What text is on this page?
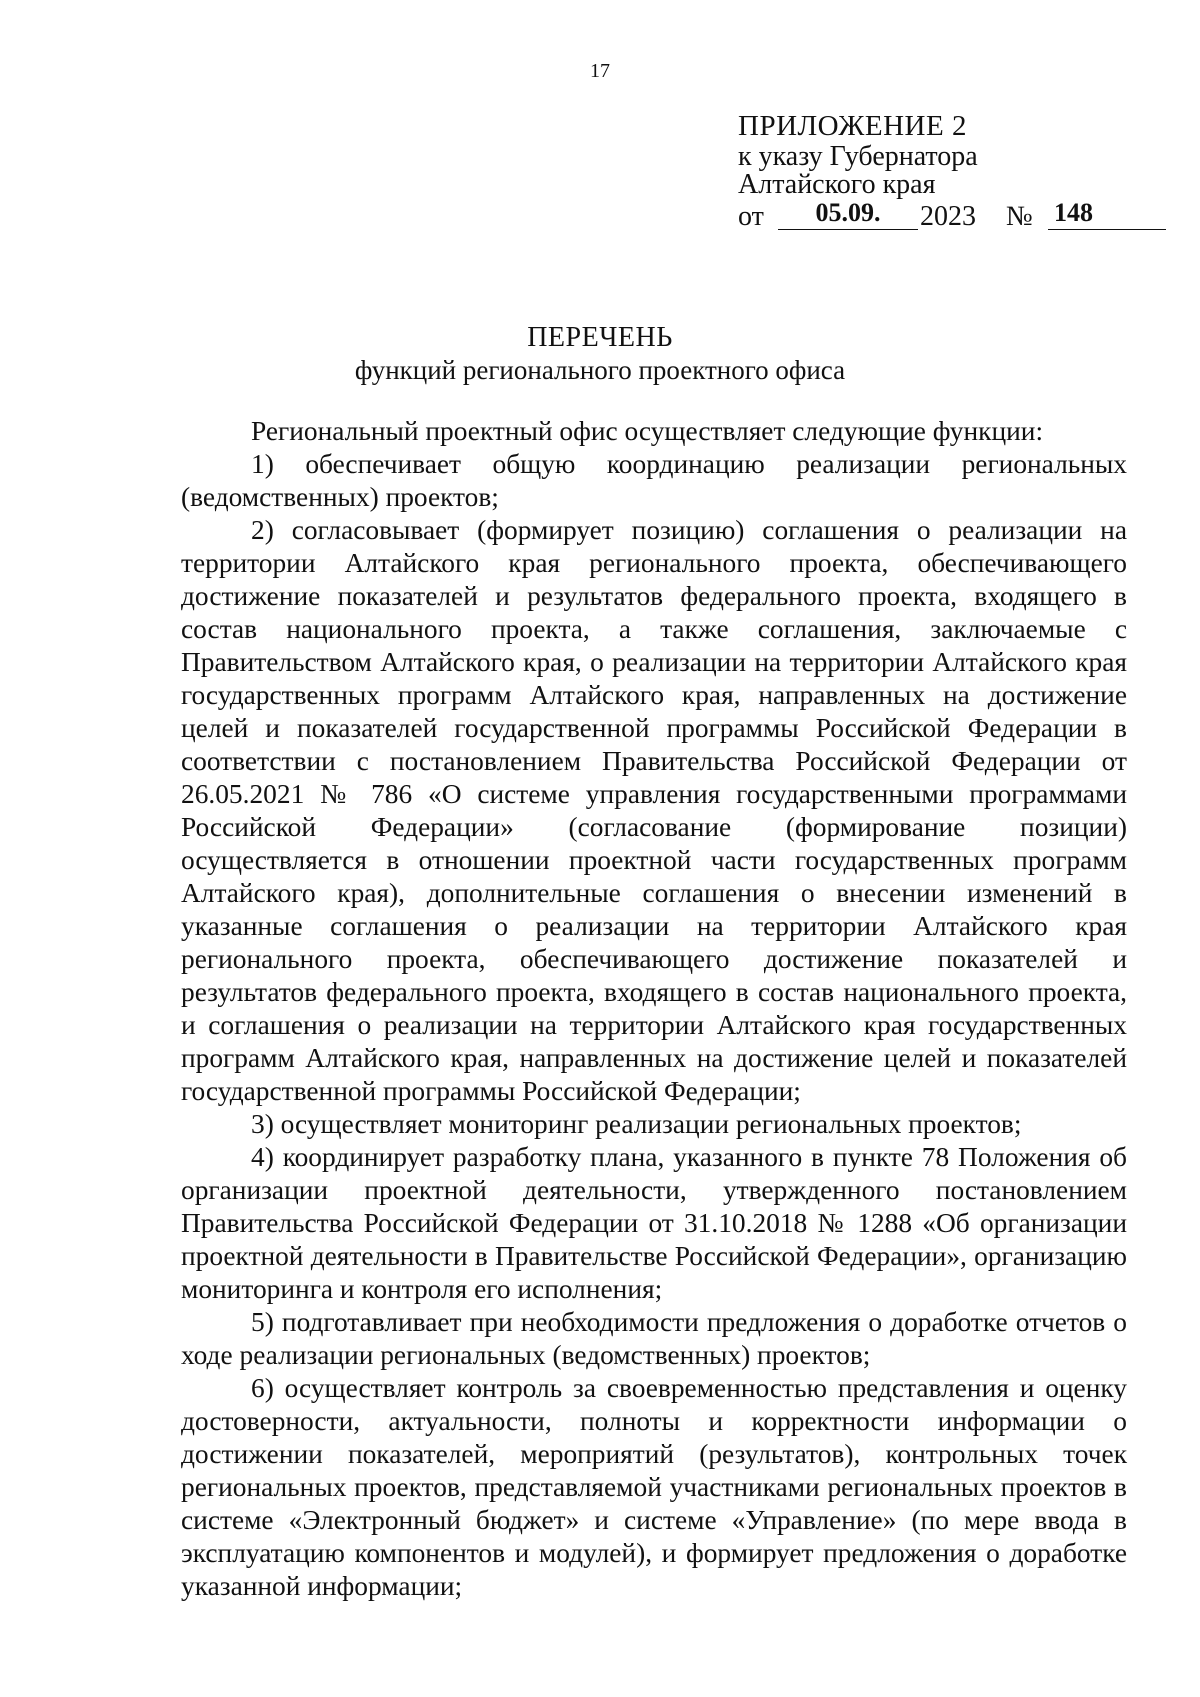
17
ПРИЛОЖЕНИЕ 2
к указу Губернатора
Алтайского края
от	05.09.	2023 № 148
ПЕРЕЧЕНЬ
функций регионального проектного офиса

Региональный проектный офис осуществляет следующие функции:

1) обеспечивает общую координацию реализации региональных (ведомственных) проектов;

2) согласовывает (формирует позицию) соглашения о реализации на территории Алтайского края регионального проекта, обеспечивающего достижение показателей и результатов федерального проекта, входящего в состав национального проекта, а также соглашения, заключаемые с Правительством Алтайского края, о реализации на территории Алтайского края государственных программ Алтайского края, направленных на достижение целей и показателей государственной программы Российской Федерации в соответствии с постановлением Правительства Российской Федерации от 26.05.2021 № 786 «О системе управления государственными программами Российской Федерации» (согласование (формирование позиции) осуществляется в отношении проектной части государственных программ Алтайского края), дополнительные соглашения о внесении изменений в указанные соглашения о реализации на территории Алтайского края регионального проекта, обеспечивающего достижение показателей и результатов федерального проекта, входящего в состав национального проекта, и соглашения о реализации на территории Алтайского края государственных программ Алтайского края, направленных на достижение целей и показателей государственной программы Российской Федерации;

3) осуществляет мониторинг реализации региональных проектов;

4) координирует разработку плана, указанного в пункте 78 Положения об организации проектной деятельности, утвержденного постановлением Правительства Российской Федерации от 31.10.2018 № 1288 «Об организации проектной деятельности в Правительстве Российской Федерации», организацию мониторинга и контроля его исполнения;

5) подготавливает при необходимости предложения о доработке отчетов о ходе реализации региональных (ведомственных) проектов;

6) осуществляет контроль за своевременностью представления и оценку достоверности, актуальности, полноты и корректности информации о достижении показателей, мероприятий (результатов), контрольных точек региональных проектов, представляемой участниками региональных проектов в системе «Электронный бюджет» и системе «Управление» (по мере ввода в эксплуатацию компонентов и модулей), и формирует предложения о доработке указанной информации;
